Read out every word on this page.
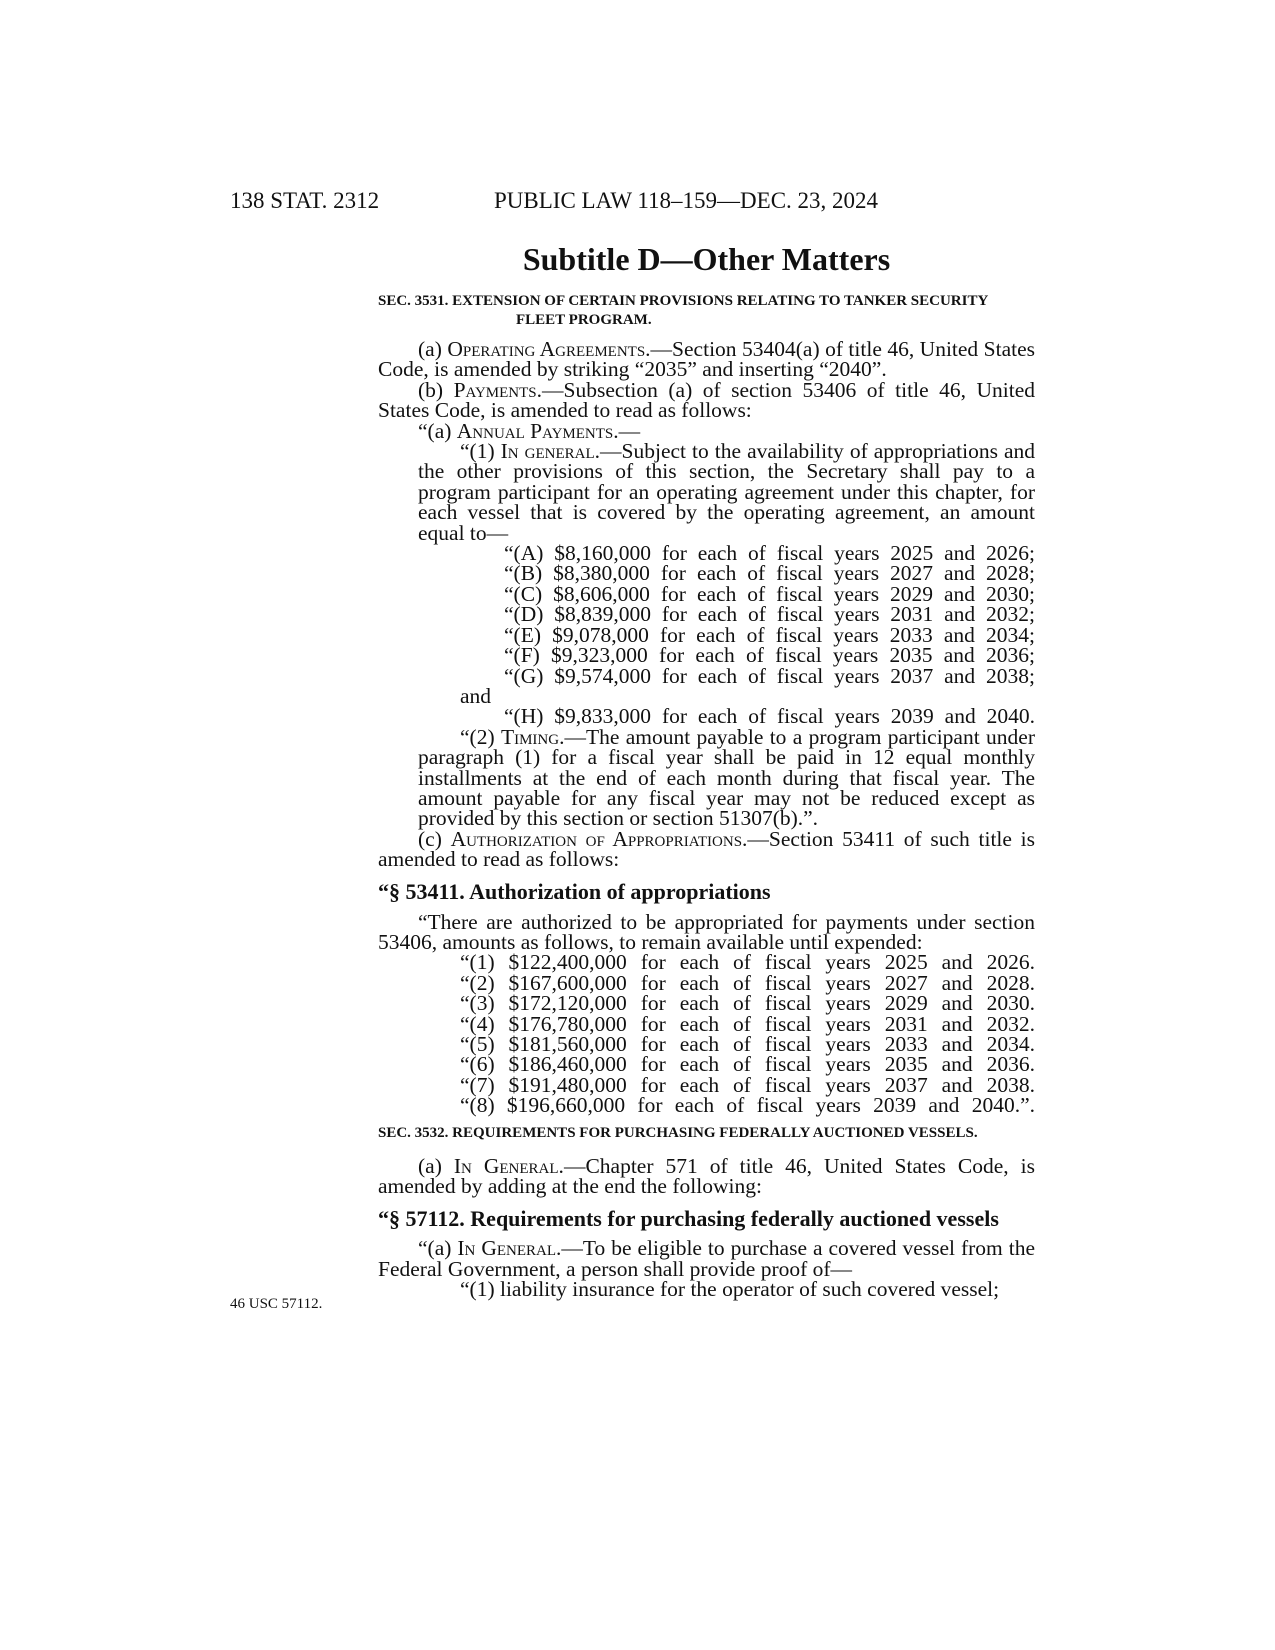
138 STAT. 2312	PUBLIC LAW 118–159—DEC. 23, 2024
46 USC 57112.
Subtitle D—Other Matters
SEC. 3531. EXTENSION OF CERTAIN PROVISIONS RELATING TO TANKER SECURITY FLEET PROGRAM.

(a) Operating Agreements.—Section 53404(a) of title 46, United States Code, is amended by striking “2035” and inserting “2040”.

(b) Payments.—Subsection (a) of section 53406 of title 46, United States Code, is amended to read as follows:

“(a) Annual Payments.—

“(1) In general.—Subject to the availability of appropriations and the other provisions of this section, the Secretary shall pay to a program participant for an operating agreement under this chapter, for each vessel that is covered by the operating agreement, an amount equal to—

“(A) $8,160,000 for each of fiscal years 2025 and 2026;

“(B) $8,380,000 for each of fiscal years 2027 and 2028;

“(C) $8,606,000 for each of fiscal years 2029 and 2030;

“(D) $8,839,000 for each of fiscal years 2031 and 2032;

“(E) $9,078,000 for each of fiscal years 2033 and 2034;

“(F) $9,323,000 for each of fiscal years 2035 and 2036;

“(G) $9,574,000 for each of fiscal years 2037 and 2038;

and

“(H) $9,833,000 for each of fiscal years 2039 and 2040.

“(2) Timing.—The amount payable to a program participant under paragraph (1) for a fiscal year shall be paid in 12 equal monthly installments at the end of each month during that fiscal year. The amount payable for any fiscal year may not be reduced except as provided by this section or section 51307(b).”.

(c) Authorization of Appropriations.—Section 53411 of such title is amended to read as follows:

“§ 53411. Authorization of appropriations

“There are authorized to be appropriated for payments under section 53406, amounts as follows, to remain available until expended:

“(1) $122,400,000 for each of fiscal years 2025 and 2026.

“(2) $167,600,000 for each of fiscal years 2027 and 2028.

“(3) $172,120,000 for each of fiscal years 2029 and 2030.

“(4) $176,780,000 for each of fiscal years 2031 and 2032.

“(5) $181,560,000 for each of fiscal years 2033 and 2034.

“(6) $186,460,000 for each of fiscal years 2035 and 2036.

“(7) $191,480,000 for each of fiscal years 2037 and 2038.

“(8) $196,660,000 for each of fiscal years 2039 and 2040.”.

SEC. 3532. REQUIREMENTS FOR PURCHASING FEDERALLY AUCTIONED VESSELS.

(a) In General.—Chapter 571 of title 46, United States Code, is amended by adding at the end the following:

“§ 57112. Requirements for purchasing federally auctioned vessels

“(a) In General.—To be eligible to purchase a covered vessel from the Federal Government, a person shall provide proof of—

“(1) liability insurance for the operator of such covered vessel;
